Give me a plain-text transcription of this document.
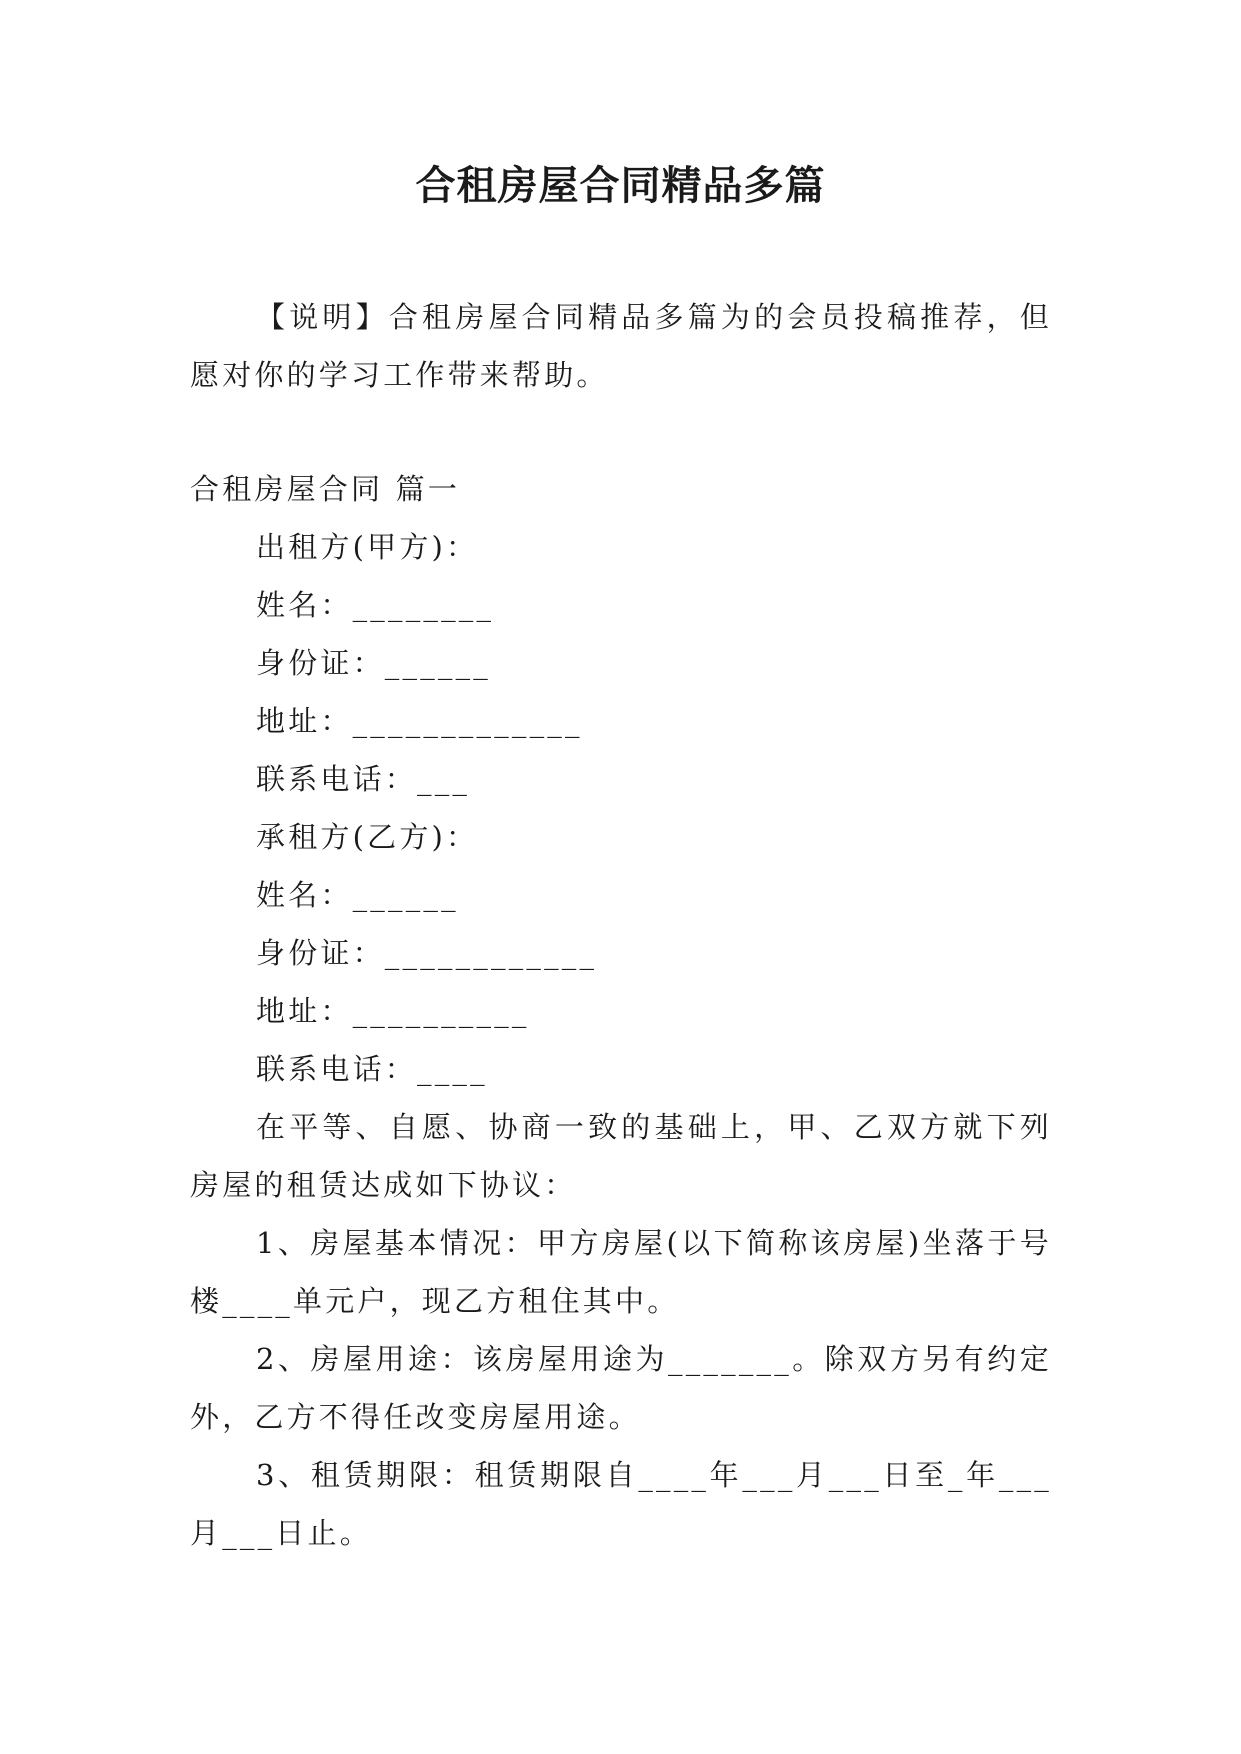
合租房屋合同精品多篇

【说明】合租房屋合同精品多篇为的会员投稿推荐，但愿对你的学习工作带来帮助。

合租房屋合同 篇一

出租方(甲方)：

姓名：________

身份证：______

地址：_____________

联系电话：___

承租方(乙方)：

姓名：______

身份证：____________

地址：__________

联系电话：____

在平等、自愿、协商一致的基础上，甲、乙双方就下列房屋的租赁达成如下协议：

1、房屋基本情况：甲方房屋(以下简称该房屋)坐落于号楼____单元户，现乙方租住其中。

2、房屋用途：该房屋用途为_______。除双方另有约定外，乙方不得任改变房屋用途。

3、租赁期限：租赁期限自____年___月___日至_年___月___日止。
